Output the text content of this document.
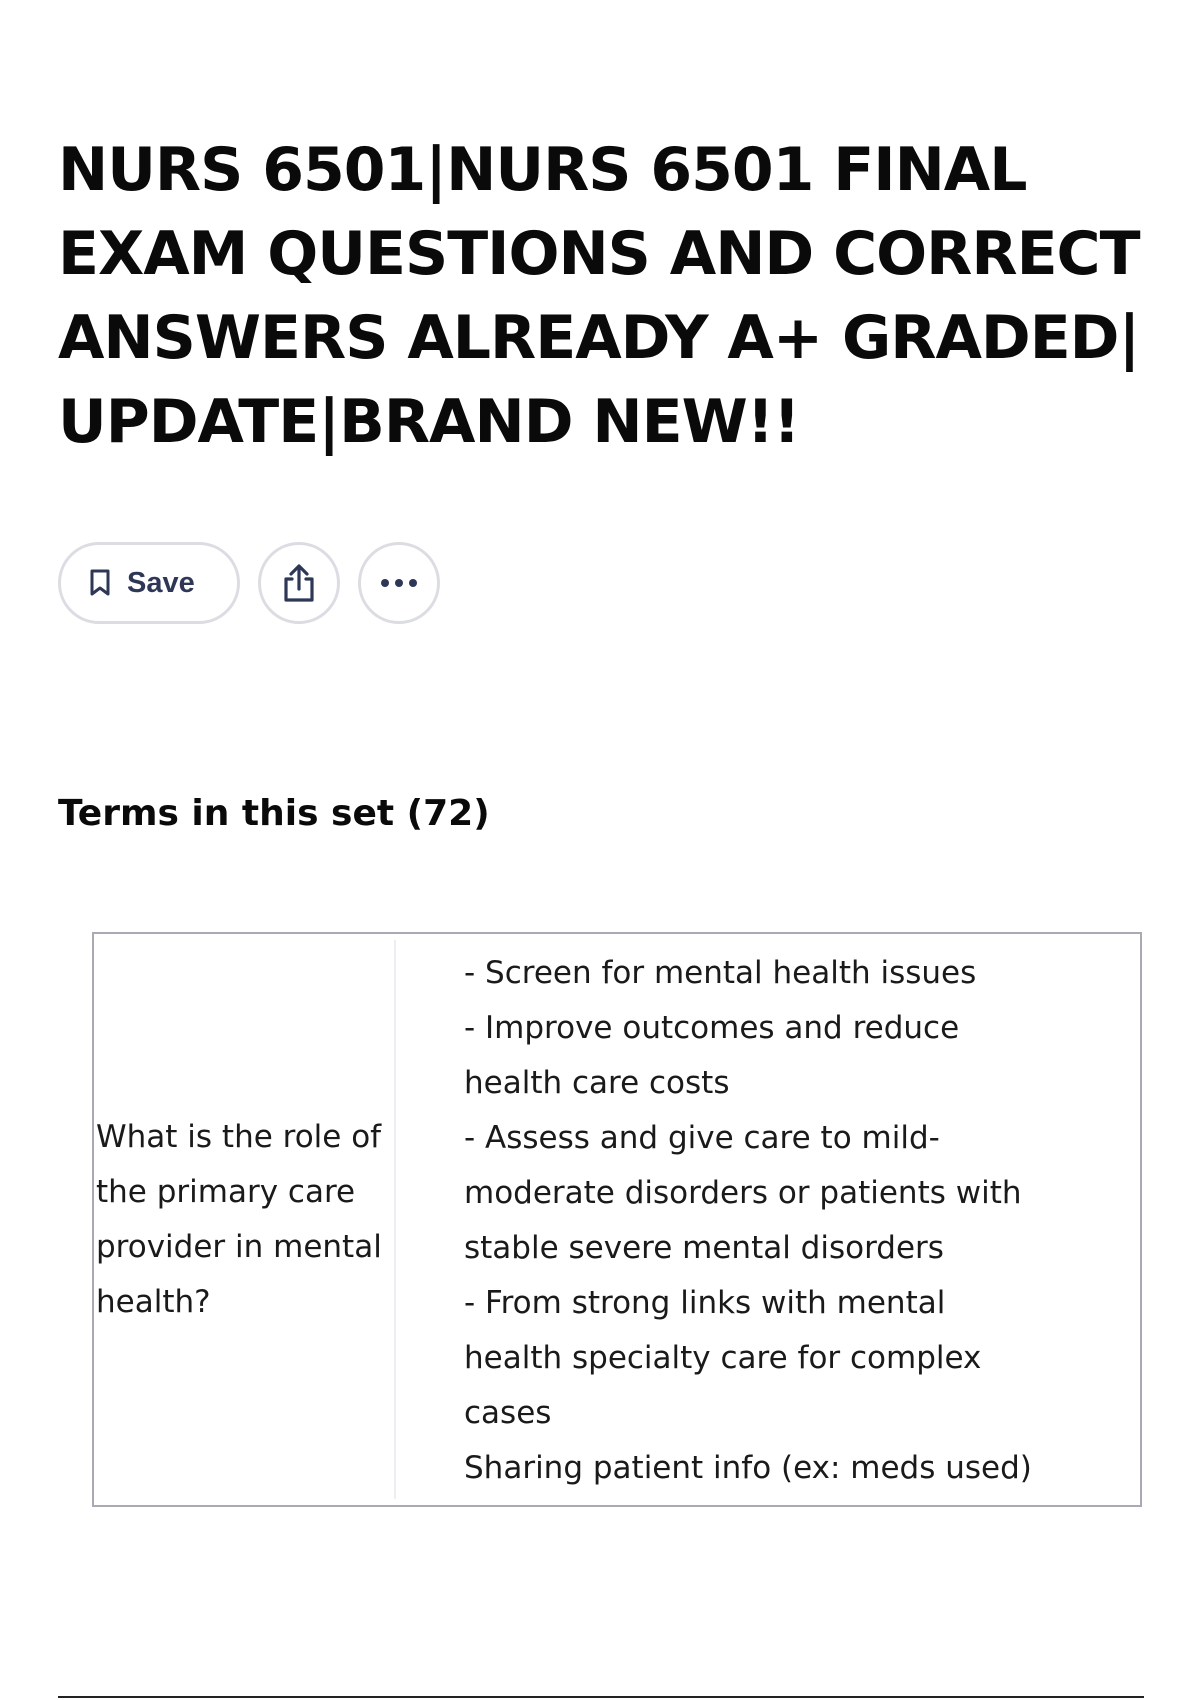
NURS 6501|NURS 6501 FINAL EXAM QUESTIONS AND CORRECT ANSWERS ALREADY A+ GRADED| UPDATE|BRAND NEW!!
Save
Terms in this set (72)
What is the role of the primary care provider in mental health?
- Screen for mental health issues
- Improve outcomes and reduce
health care costs
- Assess and give care to mild-
moderate disorders or patients with
stable severe mental disorders
- From strong links with mental
health specialty care for complex
cases
Sharing patient info (ex: meds used)
